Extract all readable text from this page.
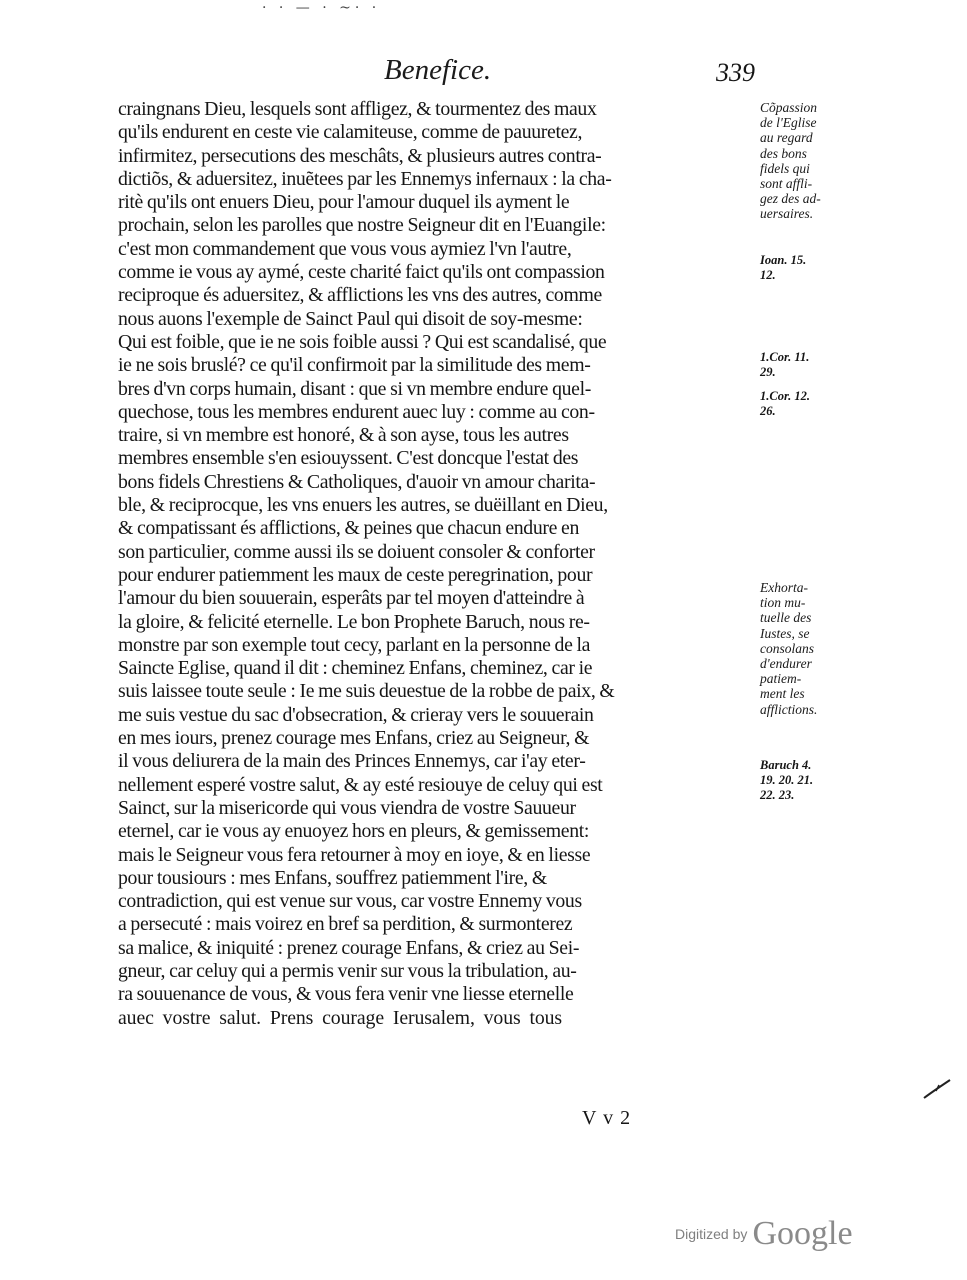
· · — · ~· ·
Benefice.	339
craingnans Dieu, lesquels sont affligez, & tourmentez des maux
qu'ils endurent en ceste vie calamiteuse, comme de pauuretez,
infirmitez, persecutions des meschâts, & plusieurs autres contra-
dictiõs, & aduersitez, inuẽtees par les Ennemys infernaux : la cha-
ritè qu'ils ont enuers Dieu, pour l'amour duquel ils ayment le
prochain, selon les parolles que nostre Seigneur dit en l'Euangile:
c'est mon commandement que vous vous aymiez l'vn l'autre,
comme ie vous ay aymé, ceste charité faict qu'ils ont compassion
reciproque és aduersitez, & afflictions les vns des autres, comme
nous auons l'exemple de Sainct Paul qui disoit de soy-mesme:
Qui est foible, que ie ne sois foible aussi ? Qui est scandalisé, que
ie ne sois bruslé? ce qu'il confirmoit par la similitude des mem-
bres d'vn corps humain, disant : que si vn membre endure quel-
quechose, tous les membres endurent auec luy : comme au con-
traire, si vn membre est honoré, & à son ayse, tous les autres
membres ensemble s'en esiouyssent. C'est doncque l'estat des
bons fidels Chrestiens & Catholiques, d'auoir vn amour charita-
ble, & reciprocque, les vns enuers les autres, se duëillant en Dieu,
& compatissant és afflictions, & peines que chacun endure en
son particulier, comme aussi ils se doiuent consoler & conforter
pour endurer patiemment les maux de ceste peregrination, pour
l'amour du bien souuerain, esperâts par tel moyen d'atteindre à
la gloire, & felicité eternelle. Le bon Prophete Baruch, nous re-
monstre par son exemple tout cecy, parlant en la personne de la
Saincte Eglise, quand il dit : cheminez Enfans, cheminez, car ie
suis laissee toute seule : Ie me suis deuestue de la robbe de paix, &
me suis vestue du sac d'obsecration, & crieray vers le souuerain
en mes iours, prenez courage mes Enfans, criez au Seigneur, &
il vous deliurera de la main des Princes Ennemys, car i'ay eter-
nellement esperé vostre salut, & ay esté resiouye de celuy qui est
Sainct, sur la misericorde qui vous viendra de vostre Sauueur
eternel, car ie vous ay enuoyez hors en pleurs, & gemissement:
mais le Seigneur vous fera retourner à moy en ioye, & en liesse
pour tousiours : mes Enfans, souffrez patiemment l'ire, &
contradiction, qui est venue sur vous, car vostre Ennemy vous
a persecuté : mais voirez en bref sa perdition, & surmonterez
sa malice, & iniquité : prenez courage Enfans, & criez au Sei-
gneur, car celuy qui a permis venir sur vous la tribulation, au-
ra souuenance de vous, & vous fera venir vne liesse eternelle
auec vostre salut. Prens courage Ierusalem, vous tous
V v 2
Cõpassion
de l'Eglise
au regard
des bons
fidels qui
sont affli-
gez des ad-
uersaires.
Ioan. 15.
12.
1.Cor. 11.
29.
1.Cor. 12.
26.
Exhorta-
tion mu-
tuelle des
Iustes, se
consolans
d'endurer
patiem-
ment les
afflictions.
Baruch 4.
19. 20. 21.
22. 23.
Digitized by Google
